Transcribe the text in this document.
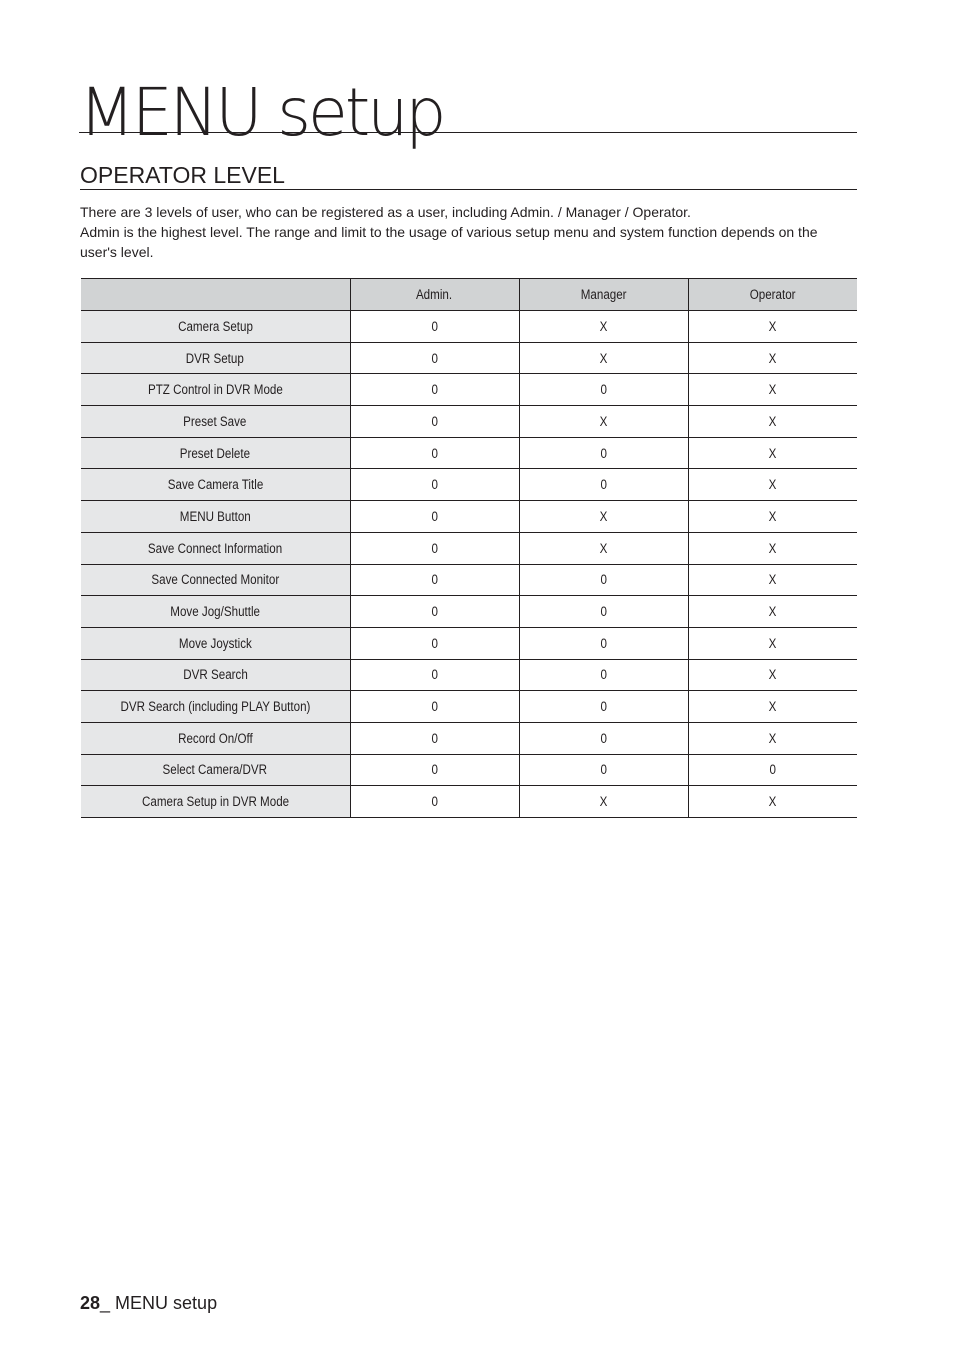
MENU setup
OPERATOR LEVEL

There are 3 levels of user, who can be registered as a user, including Admin. / Manager / Operator.

Admin is the highest level. The range and limit to the usage of various setup menu and system function depends on the user's level.

	Admin.	Manager	Operator
Camera Setup	0	X	X
DVR Setup	0	X	X
PTZ Control in DVR Mode	0	0	X
Preset Save	0	X	X
Preset Delete	0	0	X
Save Camera Title	0	0	X
MENU Button	0	X	X
Save Connect Information	0	X	X
Save Connected Monitor	0	0	X
Move Jog/Shuttle	0	0	X
Move Joystick	0	0	X
DVR Search	0	0	X
DVR Search (including PLAY Button)	0	0	X
Record On/Off	0	0	X
Select Camera/DVR	0	0	0
Camera Setup in DVR Mode	0	X	X
28_ MENU setup
